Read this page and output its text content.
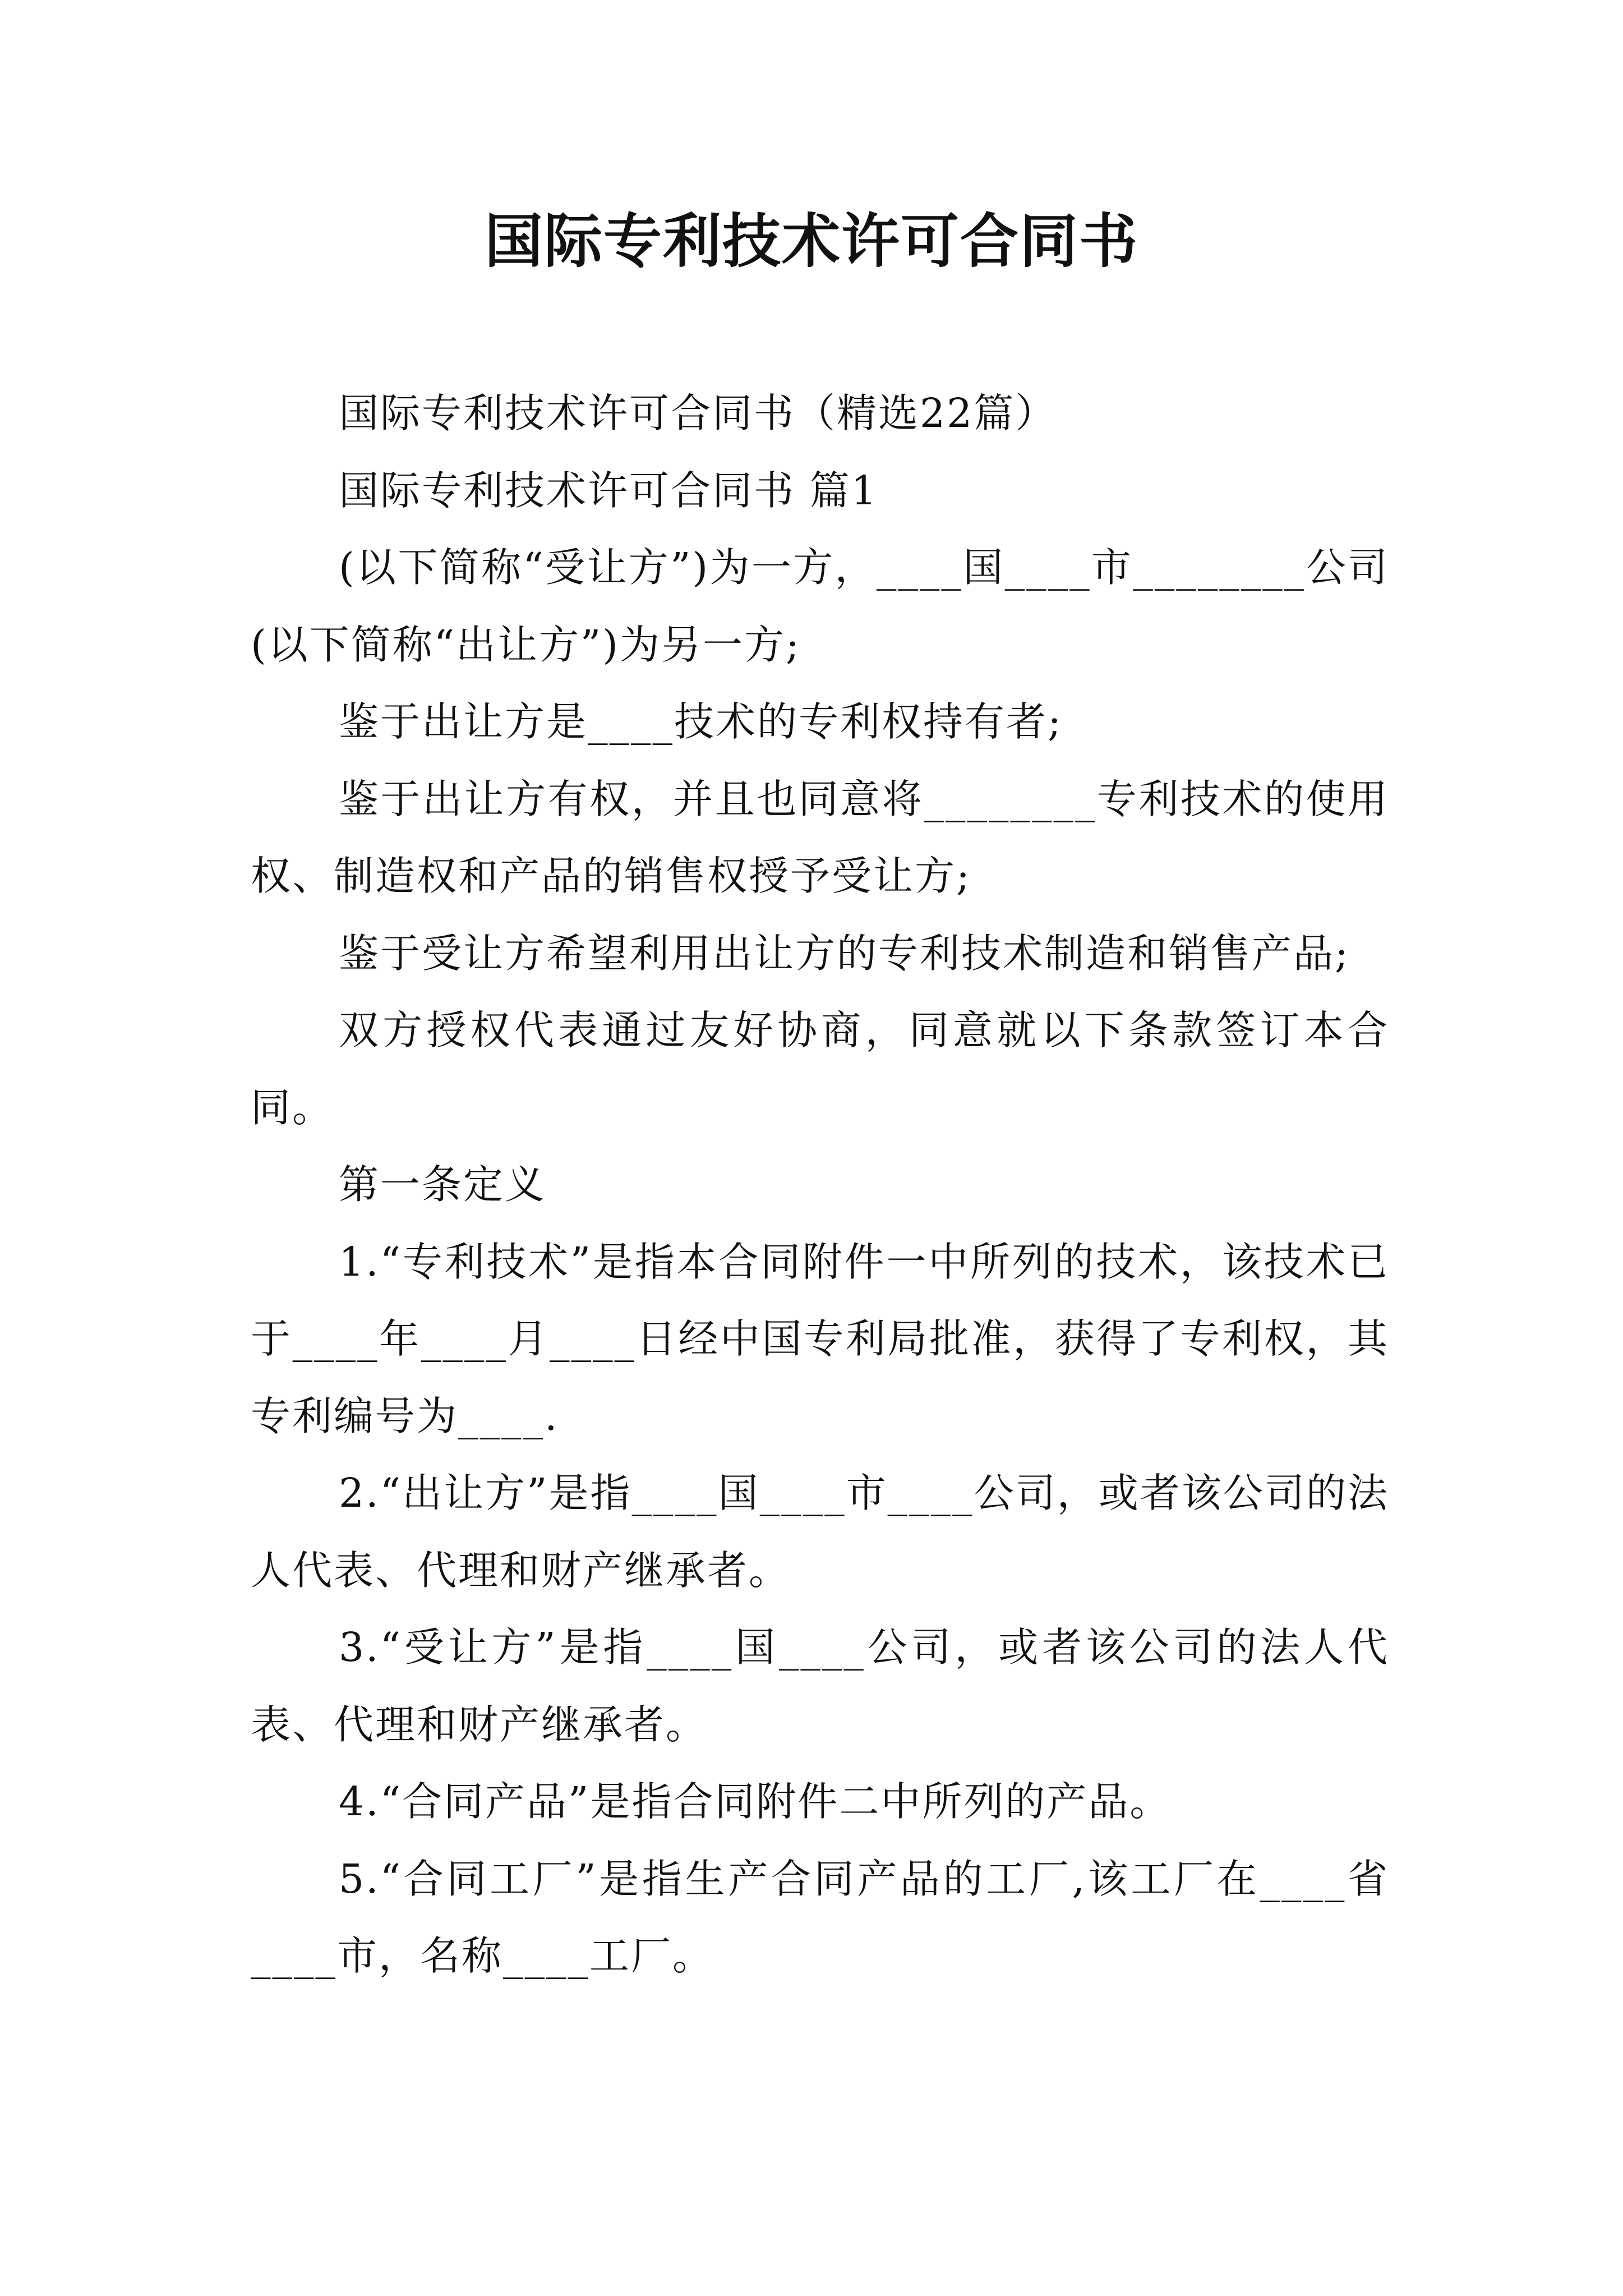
国际专利技术许可合同书

国际专利技术许可合同书（精选22篇）

国际专利技术许可合同书 篇1

(以下简称“受让方”)为一方，____国____市________公司(以下简称“出让方”)为另一方;

鉴于出让方是____技术的专利权持有者;

鉴于出让方有权，并且也同意将________专利技术的使用权、制造权和产品的销售权授予受让方;

鉴于受让方希望利用出让方的专利技术制造和销售产品;

双方授权代表通过友好协商，同意就以下条款签订本合同。

第一条定义

1.“专利技术”是指本合同附件一中所列的技术，该技术已于____年____月____日经中国专利局批准，获得了专利权，其专利编号为____.

2.“出让方”是指____国____市____公司，或者该公司的法人代表、代理和财产继承者。

3.“受让方”是指____国____公司，或者该公司的法人代表、代理和财产继承者。

4.“合同产品”是指合同附件二中所列的产品。

5.“合同工厂”是指生产合同产品的工厂,该工厂在____省____市，名称____工厂。
